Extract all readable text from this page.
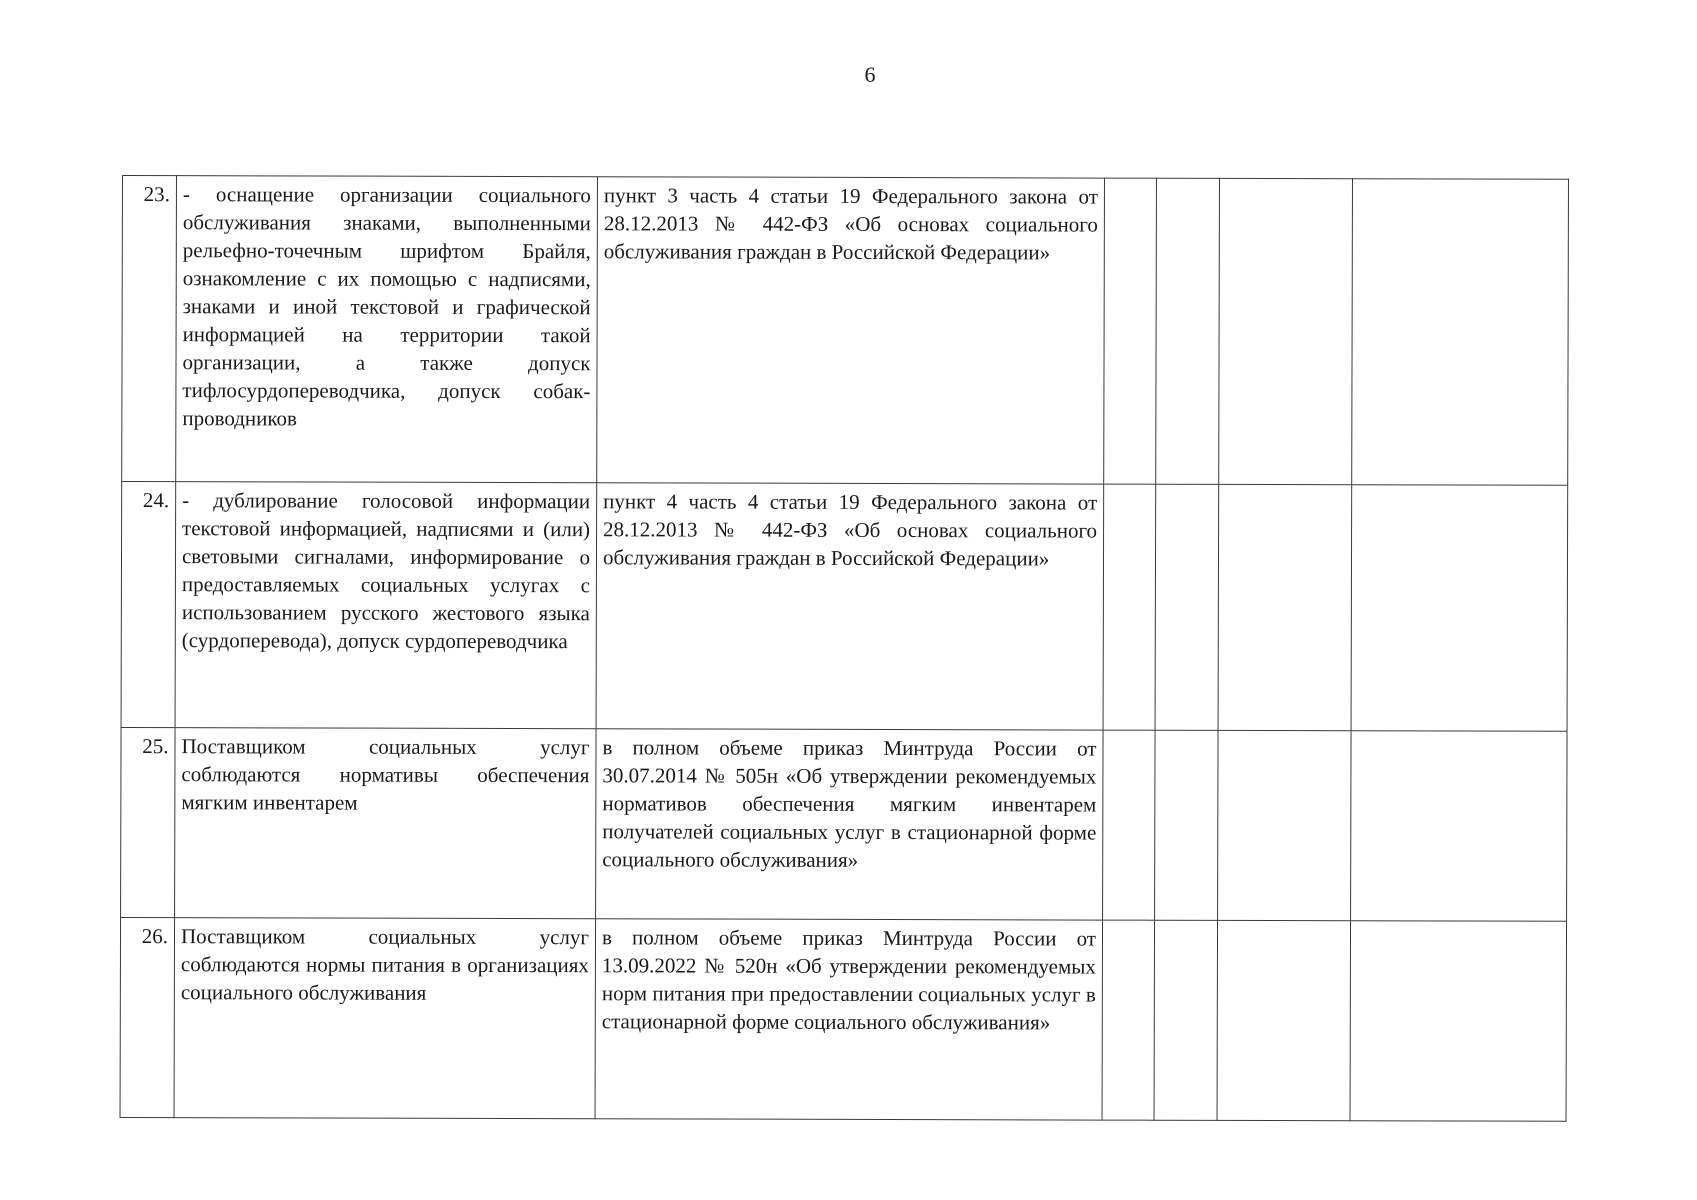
6
23.	- оснащение организации социального обслуживания знаками, выполненными рельефно-точечным шрифтом Брайля, ознакомление с их помощью с надписями, знаками и иной текстовой и графической информацией на территории такой организации, а также допуск тифлосурдопереводчика, допуск собак-проводников	пункт 3 часть 4 статьи 19 Федерального закона от 28.12.2013 № 442-ФЗ «Об основах социального обслуживания граждан в Российской Федерации»				
24.	- дублирование голосовой информации текстовой информацией, надписями и (или) световыми сигналами, информирование о предоставляемых социальных услугах с использованием русского жестового языка (сурдоперевода), допуск сурдопереводчика	пункт 4 часть 4 статьи 19 Федерального закона от 28.12.2013 № 442-ФЗ «Об основах социального обслуживания граждан в Российской Федерации»				
25.	Поставщиком социальных услуг соблюдаются нормативы обеспечения мягким инвентарем	в полном объеме приказ Минтруда России от 30.07.2014 № 505н «Об утверждении рекомендуемых нормативов обеспечения мягким инвентарем получателей социальных услуг в стационарной форме социального обслуживания»				
26.	Поставщиком социальных услуг соблюдаются нормы питания в организациях социального обслуживания	в полном объеме приказ Минтруда России от 13.09.2022 № 520н «Об утверждении рекомендуемых норм питания при предоставлении социальных услуг в стационарной форме социального обслуживания»				
